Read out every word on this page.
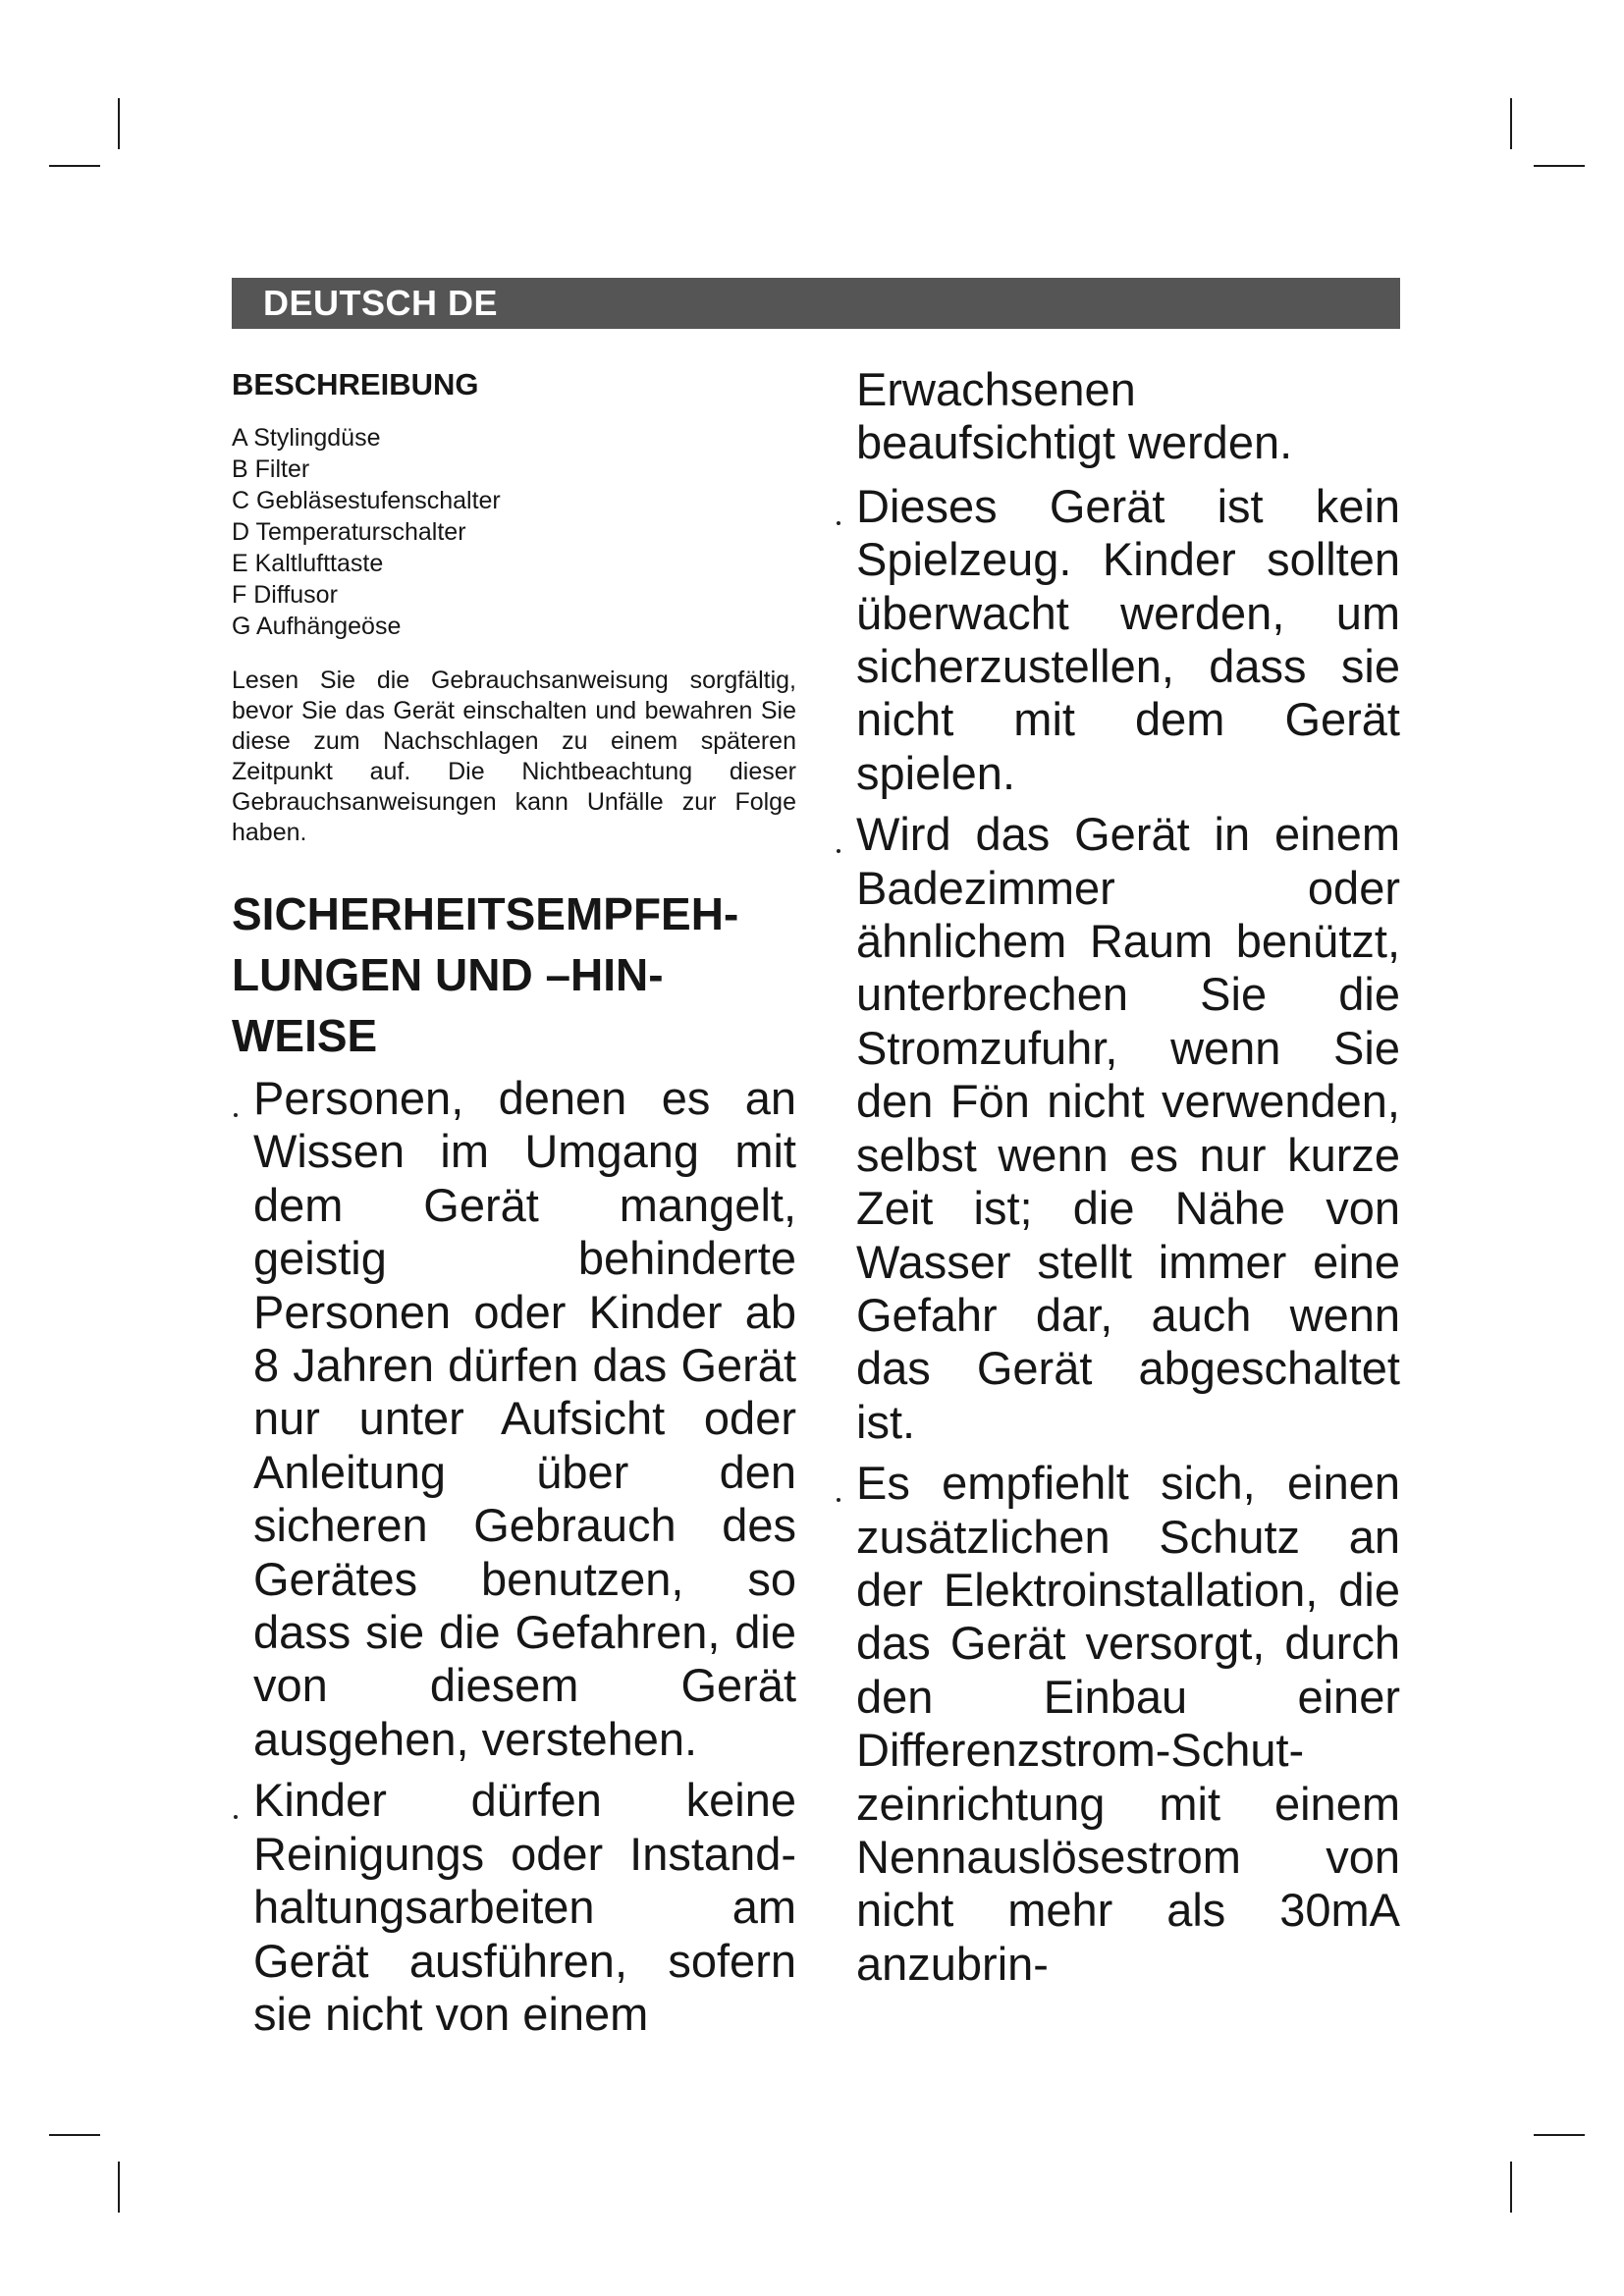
DEUTSCH DE
BESCHREIBUNG
A Stylingdüse
B Filter
C Gebläsestufenschalter
D Temperaturschalter
E Kaltlufttaste
F Diffusor
G Aufhängeöse

Lesen Sie die Gebrauchsanweisung sorgfältig, bevor Sie das Gerät einschalten und bewahren Sie diese zum Nachschlagen zu einem späteren Zeitpunkt auf. Die Nichtbeachtung dieser Gebrauchsanweisungen kann Unfälle zur Folge haben.

SICHERHEITSEMPFEH-LUNGEN UND –HIN-WEISE
Personen, denen es an Wissen im Umgang mit dem Gerät mangelt, geistig behinderte Personen oder Kinder ab 8 Jahren dürfen das Gerät nur unter Aufsicht oder Anleitung über den sicheren Gebrauch des Gerätes benutzen, so dass sie die Gefahren, die von diesem Gerät ausgehen, verstehen.
Kinder dürfen keine Reinigungs oder Instand-haltungsarbeiten am Gerät ausführen, sofern sie nicht von einem
Erwachsenen beaufsichtigt werden.
Dieses Gerät ist kein Spielzeug. Kinder sollten überwacht werden, um sicherzustellen, dass sie nicht mit dem Gerät spielen.
Wird das Gerät in einem Badezimmer oder ähnlichem Raum benützt, unterbrechen Sie die Stromzufuhr, wenn Sie den Fön nicht verwenden, selbst wenn es nur kurze Zeit ist; die Nähe von Wasser stellt immer eine Gefahr dar, auch wenn das Gerät abgeschaltet ist.
Es empfiehlt sich, einen zusätzlichen Schutz an der Elektroinstallation, die das Gerät versorgt, durch den Einbau einer Differenzstrom-Schut-zeinrichtung mit einem Nennauslösestrom von nicht mehr als 30mA anzubrin-
